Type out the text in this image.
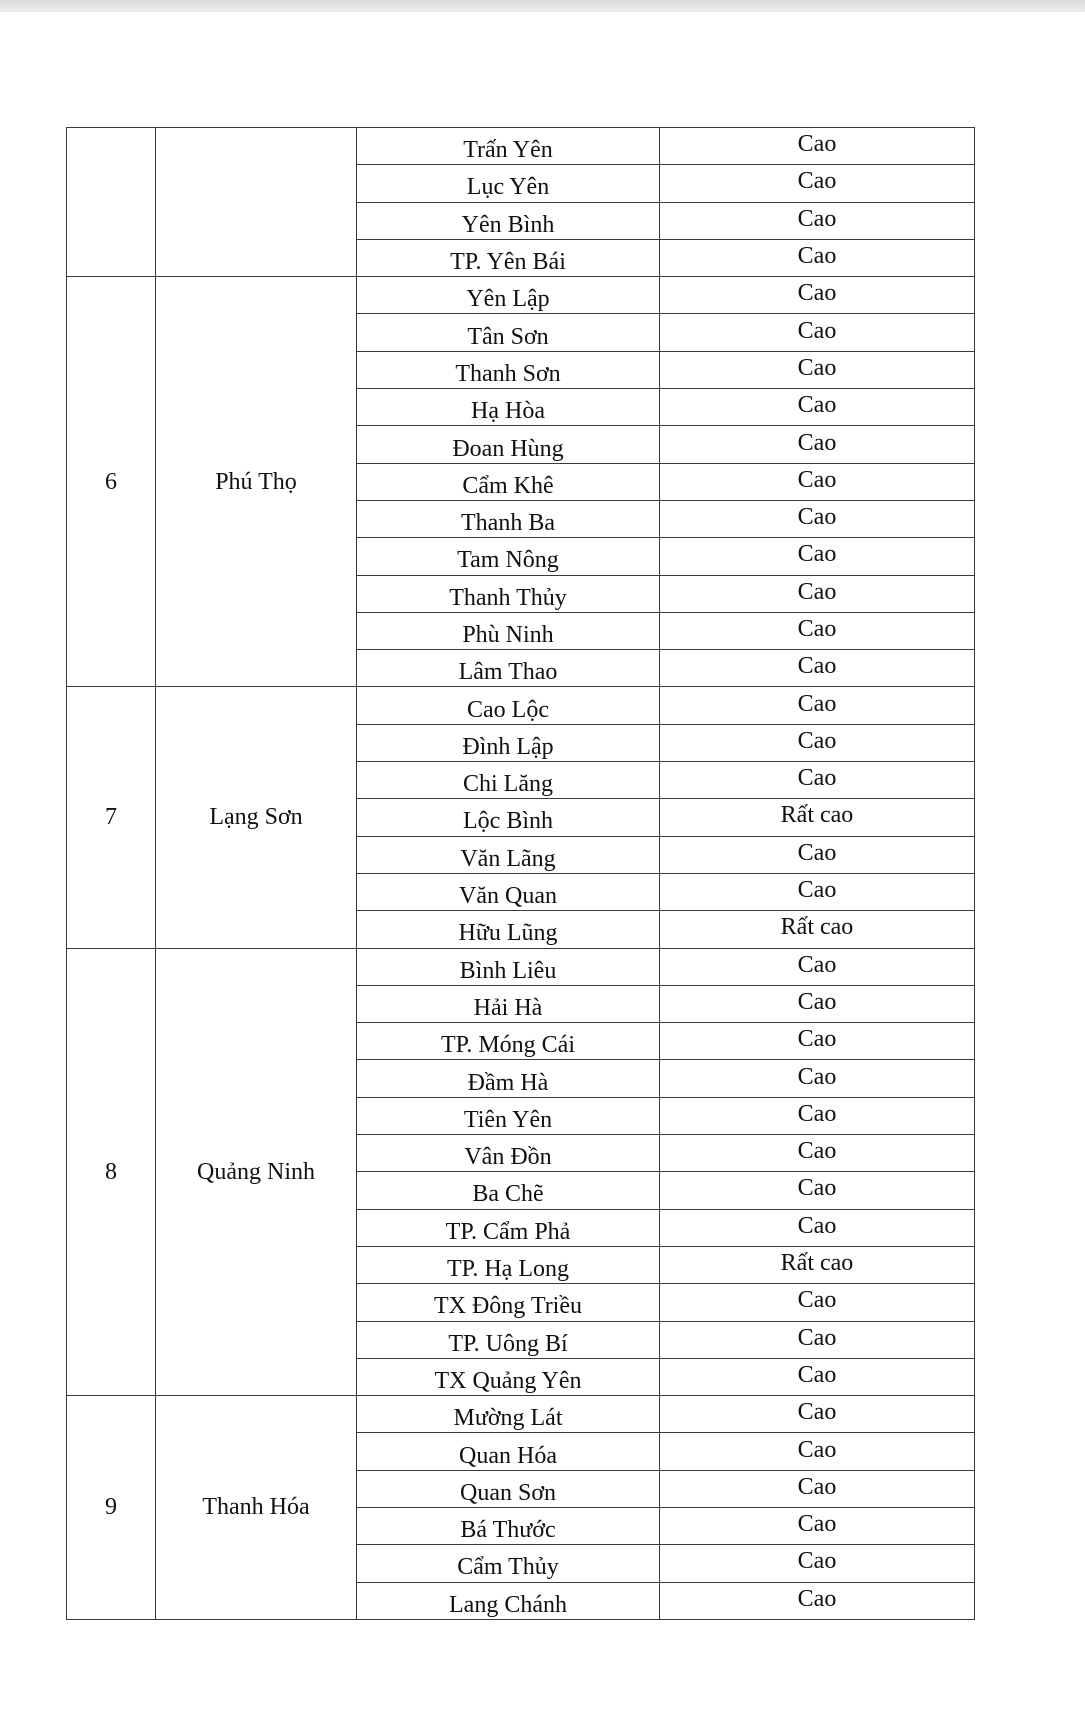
		Trấn Yên	Cao
		Lục Yên	Cao
		Yên Bình	Cao
		TP. Yên Bái	Cao
6	Phú Thọ	Yên Lập	Cao
		Tân Sơn	Cao
		Thanh Sơn	Cao
		Hạ Hòa	Cao
		Đoan Hùng	Cao
		Cẩm Khê	Cao
		Thanh Ba	Cao
		Tam Nông	Cao
		Thanh Thủy	Cao
		Phù Ninh	Cao
		Lâm Thao	Cao
7	Lạng Sơn	Cao Lộc	Cao
		Đình Lập	Cao
		Chi Lăng	Cao
		Lộc Bình	Rất cao
		Văn Lãng	Cao
		Văn Quan	Cao
		Hữu Lũng	Rất cao
8	Quảng Ninh	Bình Liêu	Cao
		Hải Hà	Cao
		TP. Móng Cái	Cao
		Đầm Hà	Cao
		Tiên Yên	Cao
		Vân Đồn	Cao
		Ba Chẽ	Cao
		TP. Cẩm Phả	Cao
		TP. Hạ Long	Rất cao
		TX Đông Triều	Cao
		TP. Uông Bí	Cao
		TX Quảng Yên	Cao
9	Thanh Hóa	Mường Lát	Cao
		Quan Hóa	Cao
		Quan Sơn	Cao
		Bá Thước	Cao
		Cẩm Thủy	Cao
		Lang Chánh	Cao
